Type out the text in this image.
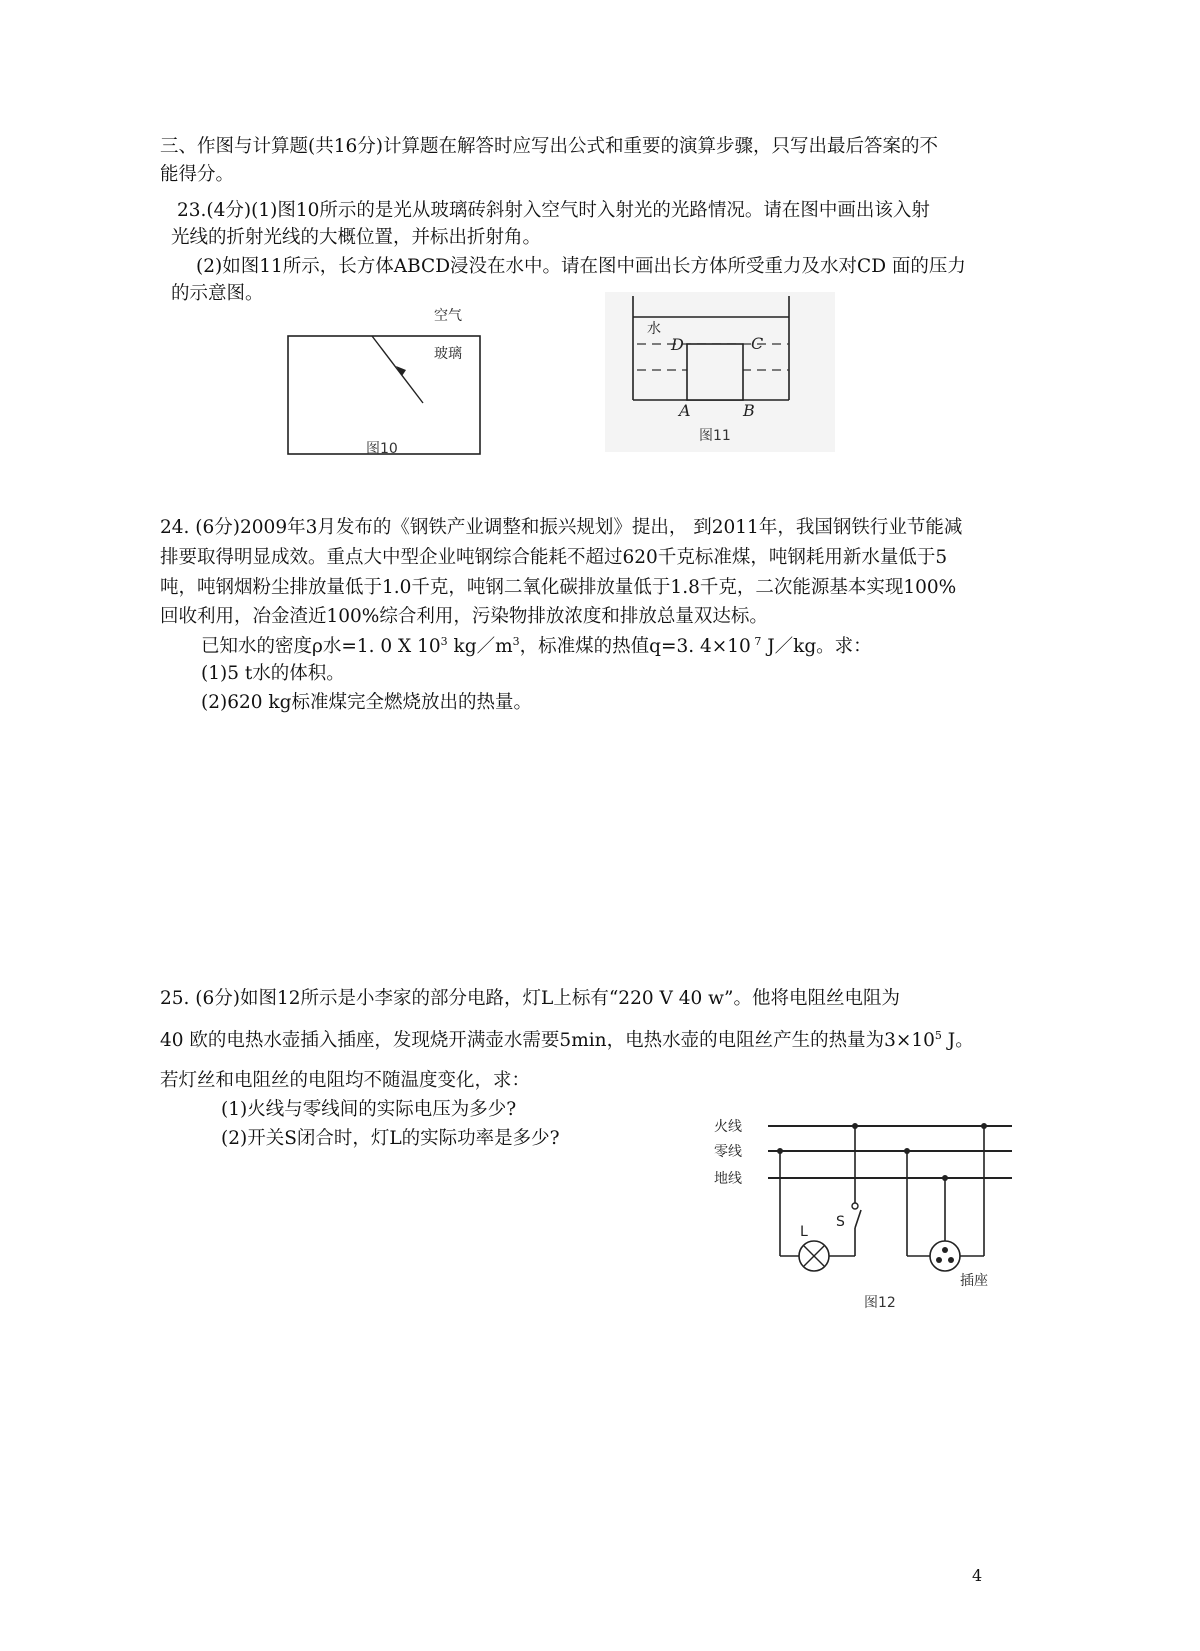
三、作图与计算题(共16分)计算题在解答时应写出公式和重要的演算步骤，只写出最后答案的不
能得分。
23.(4分)(1)图10所示的是光从玻璃砖斜射入空气时入射光的光路情况。请在图中画出该入射
光线的折射光线的大概位置，并标出折射角。
(2)如图11所示，长方体ABCD浸没在水中。请在图中画出长方体所受重力及水对CD 面的压力
的示意图。
空气
玻璃
图10
水
D	C
A	B
图11
24. (6分)2009年3月发布的《钢铁产业调整和振兴规划》提出， 到2011年，我国钢铁行业节能减
排要取得明显成效。重点大中型企业吨钢综合能耗不超过620千克标准煤，吨钢耗用新水量低于5
吨，吨钢烟粉尘排放量低于1.0千克，吨钢二氧化碳排放量低于1.8千克，二次能源基本实现100%
回收利用，冶金渣近100%综合利用，污染物排放浓度和排放总量双达标。
已知水的密度ρ水=1. 0 X $10^3$ $kg/m^3$，标准煤的热值q=3. 4×10 $^7$ J／kg。求：
(1)5 t水的体积。
(2)620 kg标准煤完全燃烧放出的热量。
25. (6分)如图12所示是小李家的部分电路，灯L上标有“220 V 40 w”。他将电阻丝电阻为
40 欧的电热水壶插入插座，发现烧开满壶水需要5min，电热水壶的电阻丝产生的热量为$3\times 10^5$ J。
若灯丝和电阻丝的电阻均不随温度变化，求：
(1)火线与零线间的实际电压为多少?
(2)开关S闭合时，灯L的实际功率是多少?
火线
零线
地线
L
S
插座
图12
4
